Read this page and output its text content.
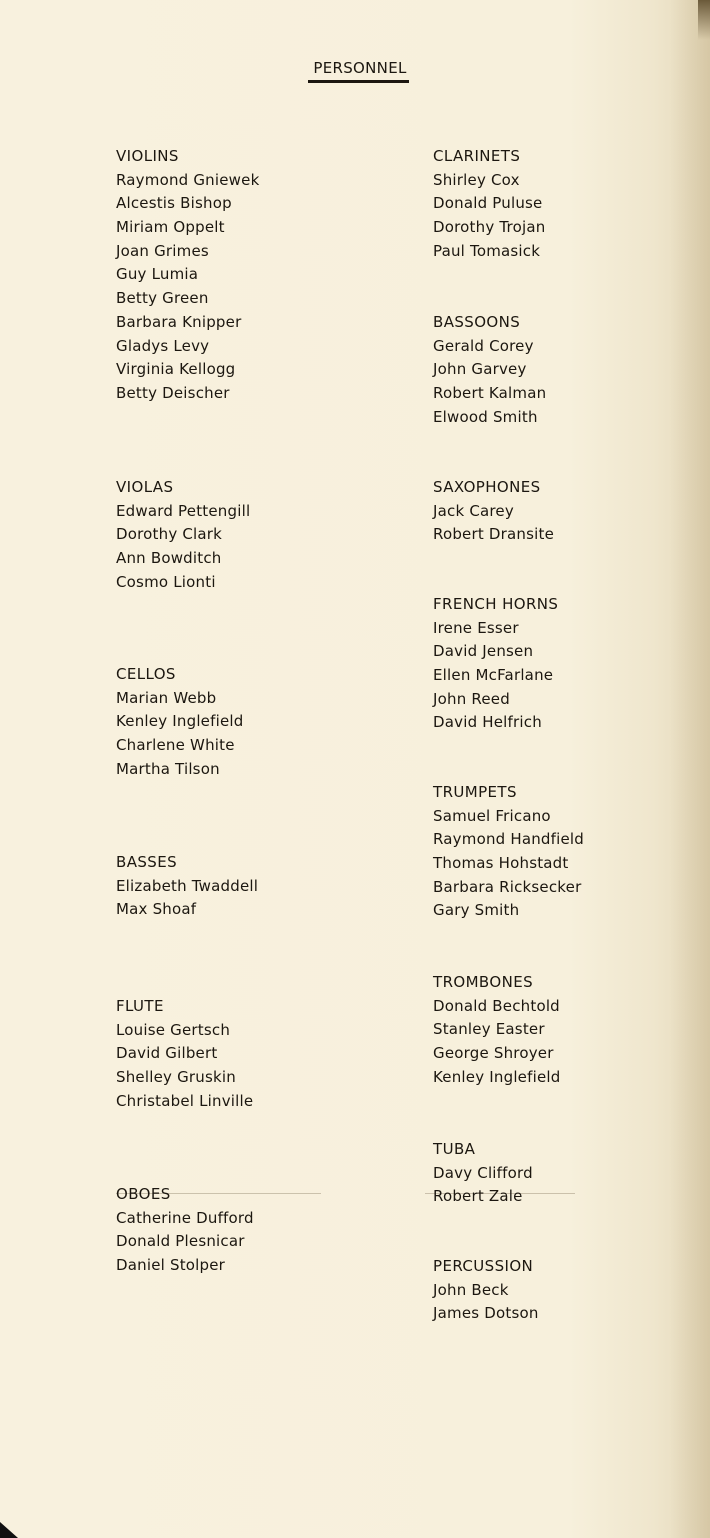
PERSONNEL
VIOLINS
Raymond Gniewek
Alcestis Bishop
Miriam Oppelt
Joan Grimes
Guy Lumia
Betty Green
Barbara Knipper
Gladys Levy
Virginia Kellogg
Betty Deischer
VIOLAS
Edward Pettengill
Dorothy Clark
Ann Bowditch
Cosmo Lionti
CELLOS
Marian Webb
Kenley Inglefield
Charlene White
Martha Tilson
BASSES
Elizabeth Twaddell
Max Shoaf
FLUTE
Louise Gertsch
David Gilbert
Shelley Gruskin
Christabel Linville
OBOES
Catherine Dufford
Donald Plesnicar
Daniel Stolper
CLARINETS
Shirley Cox
Donald Puluse
Dorothy Trojan
Paul Tomasick
BASSOONS
Gerald Corey
John Garvey
Robert Kalman
Elwood Smith
SAXOPHONES
Jack Carey
Robert Dransite
FRENCH HORNS
Irene Esser
David Jensen
Ellen McFarlane
John Reed
David Helfrich
TRUMPETS
Samuel Fricano
Raymond Handfield
Thomas Hohstadt
Barbara Ricksecker
Gary Smith
TROMBONES
Donald Bechtold
Stanley Easter
George Shroyer
Kenley Inglefield
TUBA
Davy Clifford
Robert Zale
PERCUSSION
John Beck
James Dotson
